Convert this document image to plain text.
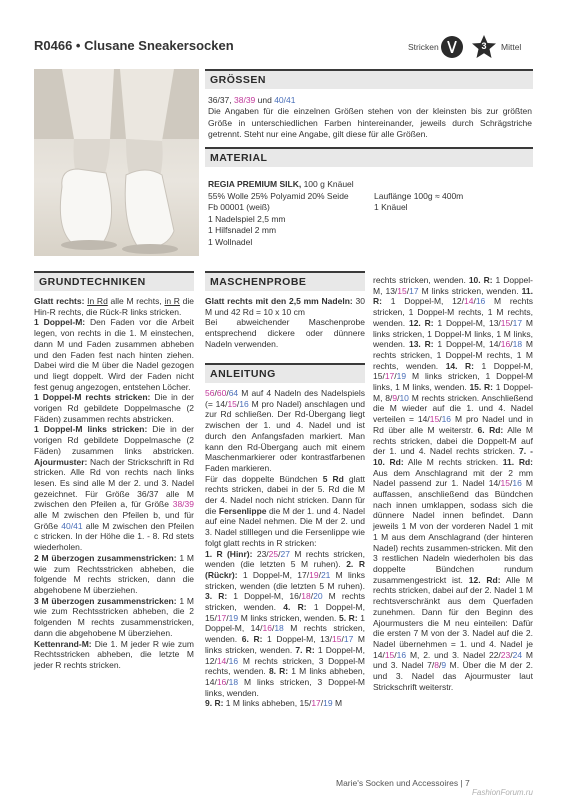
R0466 • Clusane Sneakersocken	Stricken	3	Mittel
GRÖSSEN
36/37, 38/39 und 40/41

Die Angaben für die einzelnen Größen stehen von der kleinsten bis zur größten Größe in unterschiedlichen Farben hintereinander, jeweils durch Schrägstriche getrennt. Steht nur eine Angabe, gilt diese für alle Größen.

MATERIAL
REGIA PREMIUM SILK, 100 g Knäuel
55% Wolle 25% Polyamid 20% Seide
Fb 00001 (weiß)
1 Nadelspiel 2,5 mm
1 Hilfsnadel 2 mm
1 Wollnadel
Lauflänge 100g ≈ 400m
1 Knäuel
GRUNDTECHNIKEN

Glatt rechts: In Rd alle M rechts, in R die Hin-R rechts, die Rück-R links stricken.

1 Doppel-M: Den Faden vor die Arbeit legen, von rechts in die 1. M einstechen, dann M und Faden zusammen abheben und den Faden fest nach hinten ziehen. Dabei wird die M über die Nadel gezogen und liegt doppelt. Wird der Faden nicht fest genug angezogen, entstehen Löcher.

1 Doppel-M rechts stricken: Die in der vorigen Rd gebildete Doppelmasche (2 Fäden) zusammen rechts abstricken.

1 Doppel-M links stricken: Die in der vorigen Rd gebildete Doppelmasche (2 Fäden) zusammen links abstricken. Ajourmuster: Nach der Strickschrift in Rd stricken. Alle Rd von rechts nach links lesen. Es sind alle M der 2. und 3. Nadel gezeichnet. Für Größe 36/37 alle M zwischen den Pfeilen a, für Größe 38/39 alle M zwischen den Pfeilen b, und für Größe 40/41 alle M zwischen den Pfeilen c stricken. In der Höhe die 1. - 8. Rd stets wiederholen.

2 M überzogen zusammenstricken: 1 M wie zum Rechtsstricken abheben, die folgende M rechts stricken, dann die abgehobene M überziehen.

3 M überzogen zusammenstricken: 1 M wie zum Rechtsstricken abheben, die 2 folgenden M rechts zusammenstricken, dann die abgehobene M überziehen.

Kettenrand-M: Die 1. M jeder R wie zum Rechtsstricken abheben, die letzte M jeder R rechts stricken.

MASCHENPROBE

Glatt rechts mit den 2,5 mm Nadeln: 30 M und 42 Rd = 10 x 10 cm

Bei abweichender Maschenprobe entsprechend dickere oder dünnere Nadeln verwenden.

ANLEITUNG

56/60/64 M auf 4 Nadeln des Nadelspiels (= 14/15/16 M pro Nadel) anschlagen und zur Rd schließen. Der Rd-Übergang liegt zwischen der 1. und 4. Nadel und ist durch den Anfangsfaden markiert. Man kann den Rd-Übergang auch mit einem Maschenmarkierer oder kontrastfarbenen Faden markieren.

Für das doppelte Bündchen 5 Rd glatt rechts stricken, dabei in der 5. Rd die M der 4. Nadel noch nicht stricken. Dann für die Fersenlippe die M der 1. und 4. Nadel auf eine Nadel nehmen. Die M der 2. und 3. Nadel stilllegen und die Fersenlippe wie folgt glatt rechts in R stricken:

1. R (Hinr): 23/25/27 M rechts stricken, wenden (die letzten 5 M ruhen). 2. R (Rückr): 1 Doppel-M, 17/19/21 M links stricken, wenden (die letzten 5 M ruhen). 3. R: 1 Doppel-M, 16/18/20 M rechts stricken, wenden. 4. R: 1 Doppel-M, 15/17/19 M links stricken, wenden. 5. R: 1 Doppel-M, 14/16/18 M rechts stricken, wenden. 6. R: 1 Doppel-M, 13/15/17 M links stricken, wenden. 7. R: 1 Doppel-M, 12/14/16 M rechts stricken, 3 Doppel-M rechts, wenden. 8. R: 1 M links abheben, 14/16/18 M links stricken, 3 Doppel-M links, wenden.

9. R: 1 M links abheben, 15/17/19 M

rechts stricken, wenden. 10. R: 1 Doppel-M, 13/15/17 M links stricken, wenden. 11. R: 1 Doppel-M, 12/14/16 M rechts stricken, 1 Doppel-M rechts, 1 M rechts, wenden. 12. R: 1 Doppel-M, 13/15/17 M links stricken, 1 Doppel-M links, 1 M links, wenden. 13. R: 1 Doppel-M, 14/16/18 M rechts stricken, 1 Doppel-M rechts, 1 M rechts, wenden. 14. R: 1 Doppel-M, 15/17/19 M links stricken, 1 Doppel-M links, 1 M links, wenden. 15. R: 1 Doppel-M, 8/9/10 M rechts stricken. Anschließend die M wieder auf die 1. und 4. Nadel verteilen = 14/15/16 M pro Nadel und in Rd über alle M weiterstr. 6. Rd: Alle M rechts stricken, dabei die Doppelt-M auf der 1. und 4. Nadel rechts stricken. 7. - 10. Rd: Alle M rechts stricken. 11. Rd: Aus dem Anschlagrand mit der 2 mm Nadel passend zur 1. Nadel 14/15/16 M auffassen, anschließend das Bündchen nach innen umklappen, sodass sich die dünnere Nadel innen befindet. Dann jeweils 1 M von der vorderen Nadel 1 mit 1 M aus dem Anschlagrand (der hinteren Nadel) rechts zusammen-stricken. Mit den 3 restlichen Nadeln wiederholen bis das doppelte Bündchen rundum zusammengestrickt ist. 12. Rd: Alle M rechts stricken, dabei auf der 2. Nadel 1 M rechtsverschränkt aus dem Querfaden zunehmen. Dann für den Beginn des Ajourmusters die M neu einteilen: Dafür die ersten 7 M von der 3. Nadel auf die 2. Nadel übernehmen = 1. und 4. Nadel je 14/15/16 M, 2. und 3. Nadel 22/23/24 M und 3. Nadel 7/8/9 M. Über die M der 2. und 3. Nadel das Ajourmuster laut Strickschrift weiterstr.

Marie's Socken und Accessoires | 7
FashionForum.ru
